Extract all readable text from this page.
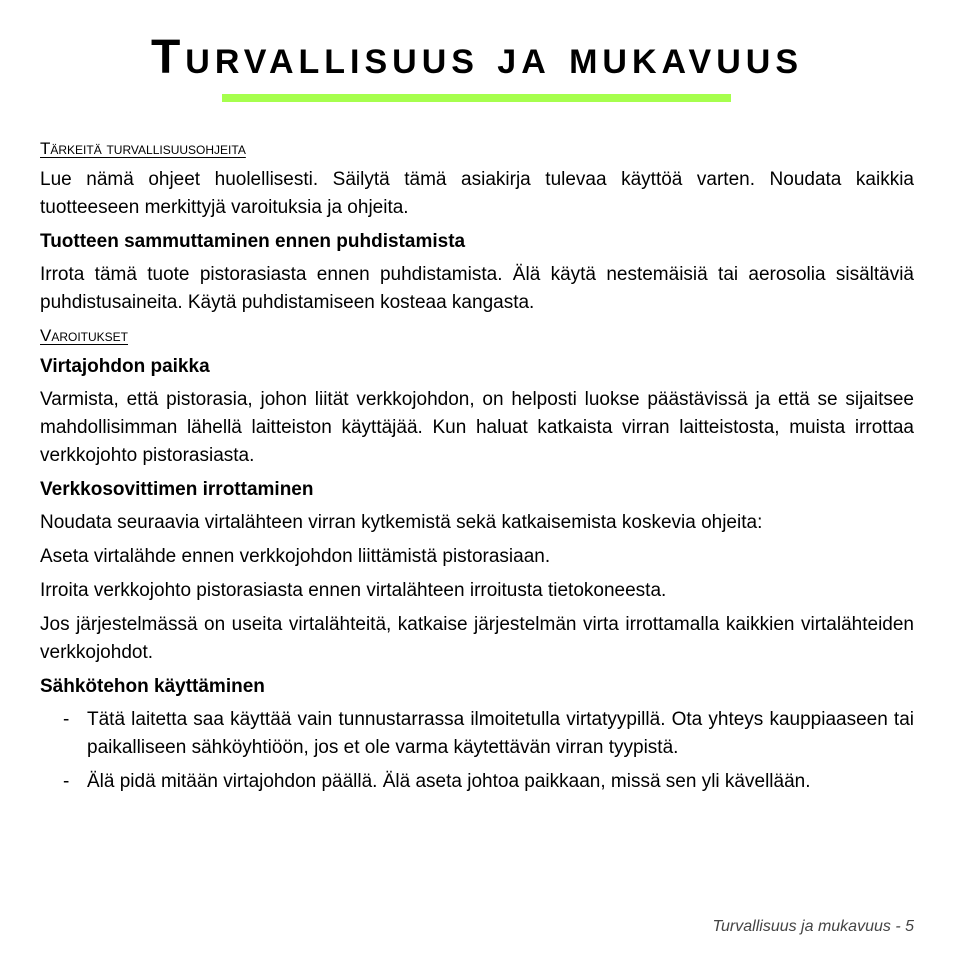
Turvallisuus ja mukavuus
Tärkeitä turvallisuusohjeita

Lue nämä ohjeet huolellisesti. Säilytä tämä asiakirja tulevaa käyttöä varten. Noudata kaikkia tuotteeseen merkittyjä varoituksia ja ohjeita.

Tuotteen sammuttaminen ennen puhdistamista

Irrota tämä tuote pistorasiasta ennen puhdistamista. Älä käytä nestemäisiä tai aerosolia sisältäviä puhdistusaineita. Käytä puhdistamiseen kosteaa kangasta.

Varoitukset
Virtajohdon paikka

Varmista, että pistorasia, johon liität verkkojohdon, on helposti luokse päästävissä ja että se sijaitsee mahdollisimman lähellä laitteiston käyttäjää. Kun haluat katkaista virran laitteistosta, muista irrottaa verkkojohto pistorasiasta.

Verkkosovittimen irrottaminen

Noudata seuraavia virtalähteen virran kytkemistä sekä katkaisemista koskevia ohjeita:

Aseta virtalähde ennen verkkojohdon liittämistä pistorasiaan.

Irroita verkkojohto pistorasiasta ennen virtalähteen irroitusta tietokoneesta.

Jos järjestelmässä on useita virtalähteitä, katkaise järjestelmän virta irrottamalla kaikkien virtalähteiden verkkojohdot.

Sähkötehon käyttäminen
- Tätä laitetta saa käyttää vain tunnustarrassa ilmoitetulla virtatyypillä. Ota yhteys kauppiaaseen tai paikalliseen sähköyhtiöön, jos et ole varma käytettävän virran tyypistä.
- Älä pidä mitään virtajohdon päällä. Älä aseta johtoa paikkaan, missä sen yli kävellään.
Turvallisuus ja mukavuus - 5
